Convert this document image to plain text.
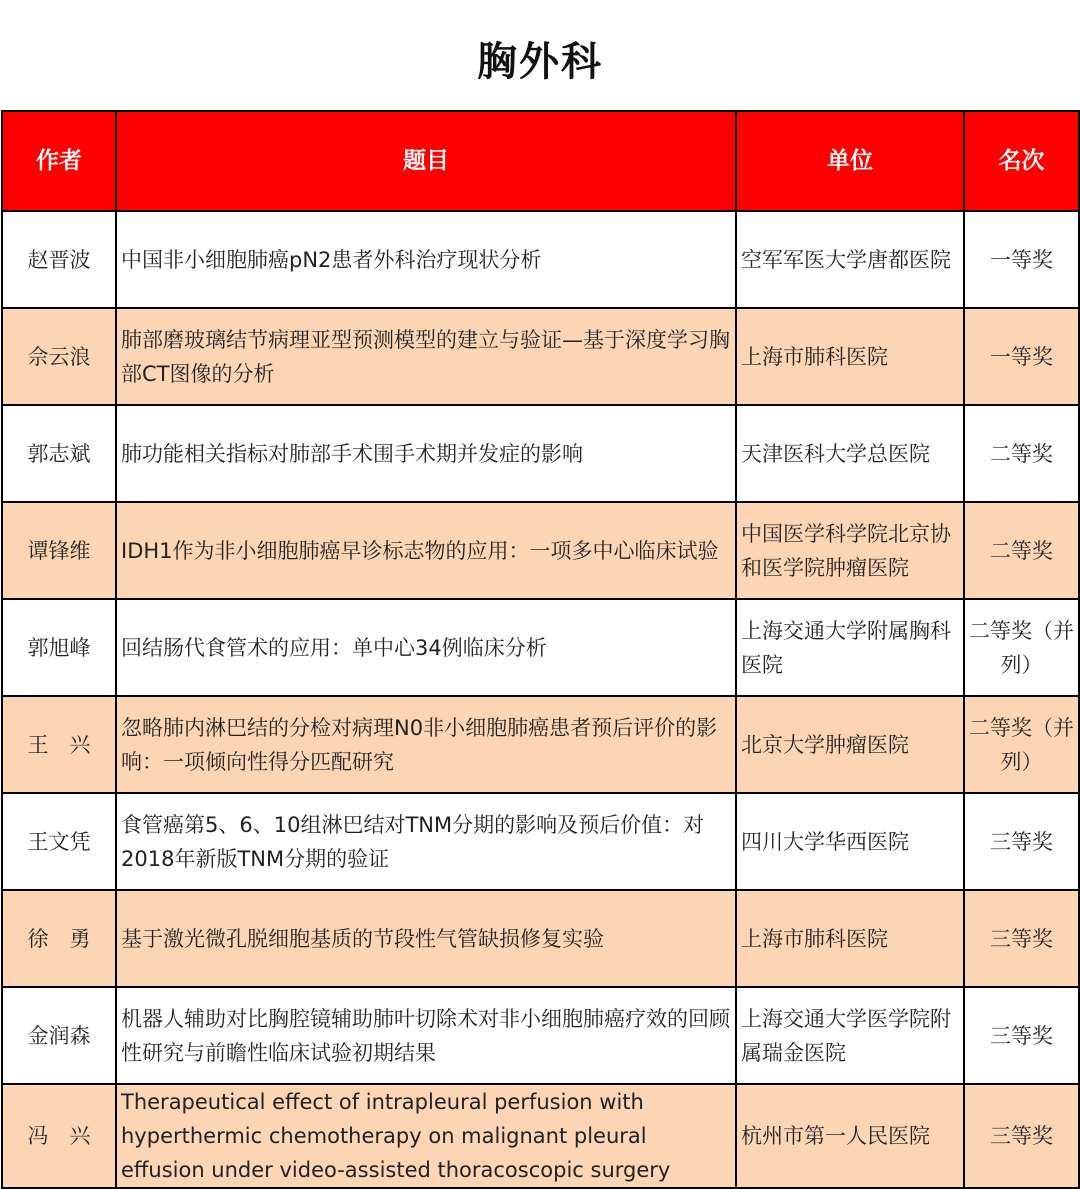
胸外科
作者	题目	单位	名次
赵晋波	中国非小细胞肺癌pN2患者外科治疗现状分析	空军军医大学唐都医院	一等奖
佘云浪	肺部磨玻璃结节病理亚型预测模型的建立与验证—基于深度学习胸部CT图像的分析	上海市肺科医院	一等奖
郭志斌	肺功能相关指标对肺部手术围手术期并发症的影响	天津医科大学总医院	二等奖
谭锋维	IDH1作为非小细胞肺癌早诊标志物的应用：一项多中心临床试验	中国医学科学院北京协和医学院肿瘤医院	二等奖
郭旭峰	回结肠代食管术的应用：单中心34例临床分析	上海交通大学附属胸科医院	二等奖（并列）
王　兴	忽略肺内淋巴结的分检对病理N0非小细胞肺癌患者预后评价的影响：一项倾向性得分匹配研究	北京大学肿瘤医院	二等奖（并列）
王文凭	食管癌第5、6、10组淋巴结对TNM分期的影响及预后价值：对2018年新版TNM分期的验证	四川大学华西医院	三等奖
徐　勇	基于激光微孔脱细胞基质的节段性气管缺损修复实验	上海市肺科医院	三等奖
金润森	机器人辅助对比胸腔镜辅助肺叶切除术对非小细胞肺癌疗效的回顾性研究与前瞻性临床试验初期结果	上海交通大学医学院附属瑞金医院	三等奖
冯　兴	Therapeutical effect of intrapleural perfusion with hyperthermic chemotherapy on malignant pleural effusion under video-assisted thoracoscopic surgery	杭州市第一人民医院	三等奖
